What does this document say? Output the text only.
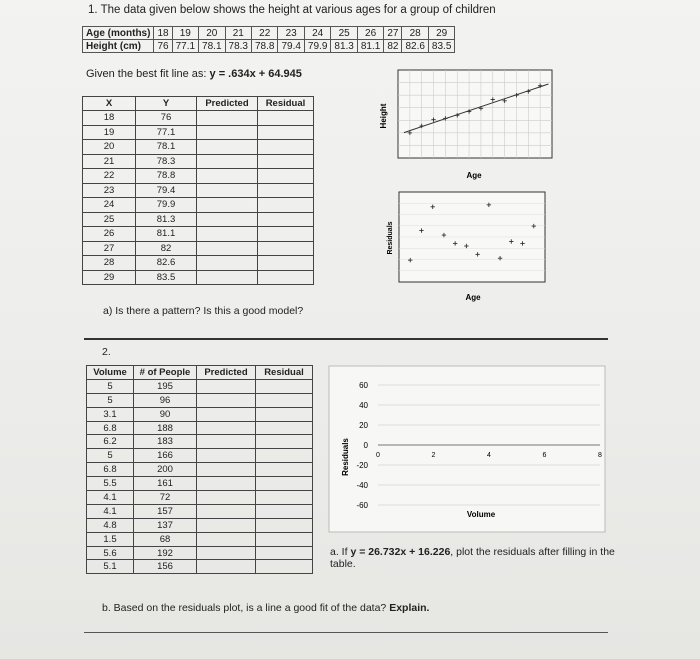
1. The data given below shows the height at various ages for a group of children
Age (months)	18	19	20	21	22	23	24	25	26	27	28	29
Height (cm)	76	77.1	78.1	78.3	78.8	79.4	79.9	81.3	81.1	82	82.6	83.5
Given the best fit line as: y = .634x + 64.945
X	Y	Predicted	Residual
18	76		
19	77.1		
20	78.1		
21	78.3		
22	78.8		
23	79.4		
24	79.9		
25	81.3		
26	81.1		
27	82		
28	82.6		
29	83.5		
a) Is there a pattern? Is this a good model?
2.
Volume	# of People	Predicted	Residual
5	195		
5	96		
3.1	90		
6.8	188		
6.2	183		
5	166		
6.8	200		
5.5	161		
4.1	72		
4.1	157		
4.8	137		
1.5	68		
5.6	192		
5.1	156		
Height
Age
Residuals
Age
60
40
20
0
-20
-40
-60
0	2	4	6	8
Residuals
Volume
a. If y = 26.732x + 16.226, plot the residuals after filling in the table.
b. Based on the residuals plot, is a line a good fit of the data? Explain.
